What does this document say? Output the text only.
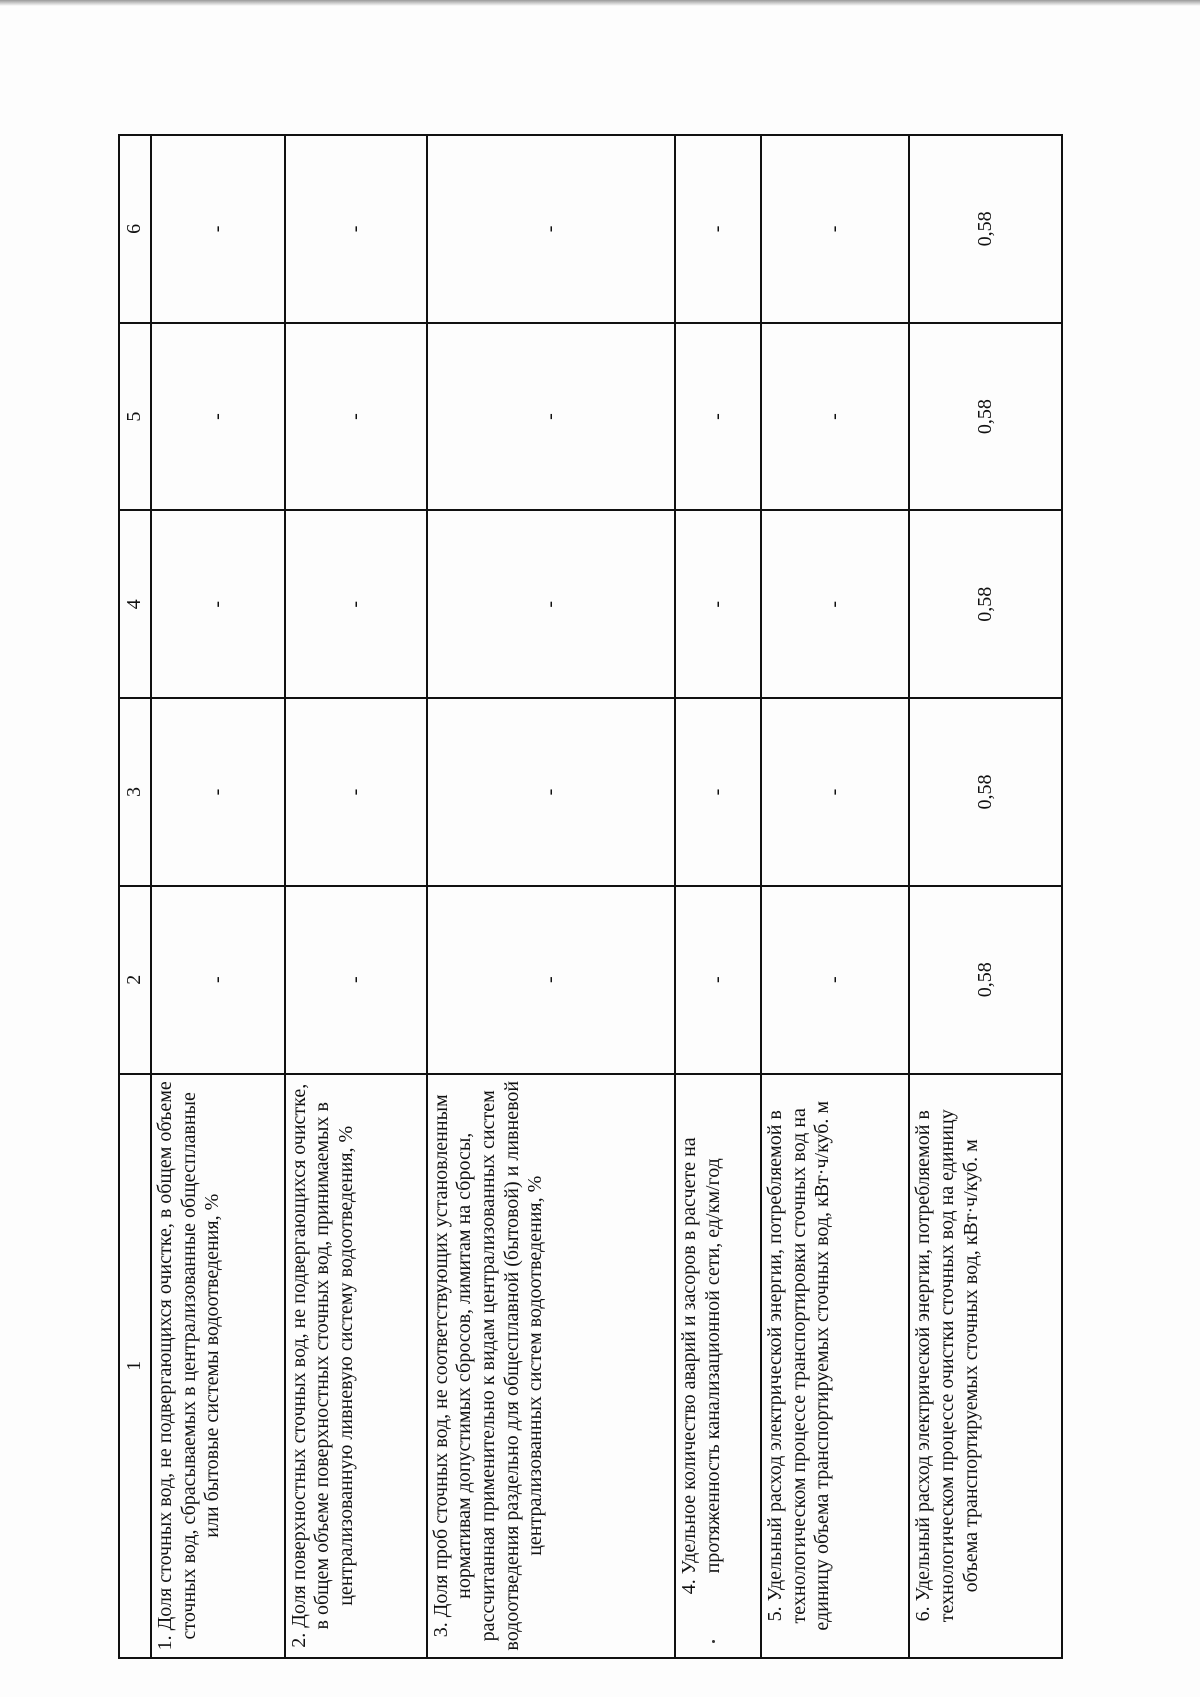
1	2	3	4	5	6
1. Доля сточных вод, не подвергающихся очистке, в общем объеме сточных вод, сбрасываемых в централизованные общесплавные или бытовые системы водоотведения, %	-	-	-	-	-
2. Доля поверхностных сточных вод, не подвергающихся очистке, в общем объеме поверхностных сточных вод, принимаемых в централизованную ливневую систему водоотведения, %	-	-	-	-	-
3. Доля проб сточных вод, не соответствующих установленным нормативам допустимых сбросов, лимитам на сбросы, рассчитанная применительно к видам централизованных систем водоотведения раздельно для общесплавной (бытовой) и ливневой централизованных систем водоотведения, %	-	-	-	-	-
4. Удельное количество аварий и засоров в расчете на протяженность канализационной сети, ед/км/год	-	-	-	-	-
5. Удельный расход электрической энергии, потребляемой в технологическом процессе транспортировки сточных вод на единицу объема транспортируемых сточных вод, кВт·ч/куб. м	-	-	-	-	-
6. Удельный расход электрической энергии, потребляемой в технологическом процессе очистки сточных вод на единицу объема транспортируемых сточных вод, кВт·ч/куб. м	0,58	0,58	0,58	0,58	0,58
